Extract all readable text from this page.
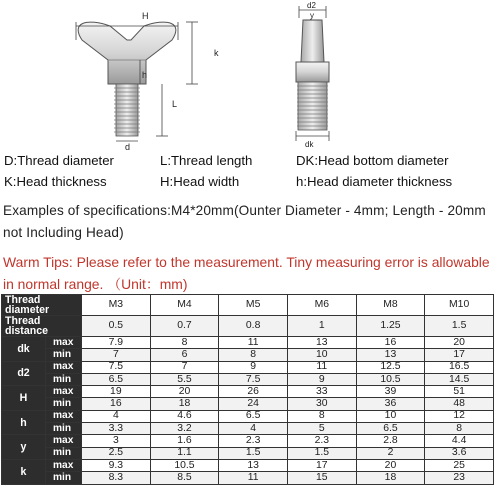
H
k
h
L
d
d2
y
dk
D:Thread diameter	L:Thread length	DK:Head bottom diameter
K:Head thickness	H:Head width	h:Head diameter thickness
Examples of specifications:M4*20mm(Ounter Diameter - 4mm; Length - 20mm not Including Head)
Warm Tips: Please refer to the measurement. Tiny measuring error is allowable in normal range. （Unit：mm)
Thread diameter		M3	M4	M5	M6	M8	M10
Thread distance		0.5	0.7	0.8	1	1.25	1.5
dk	max	7.9	8	11	13	16	20
	min	7	6	8	10	13	17
d2	max	7.5	7	9	11	12.5	16.5
	min	6.5	5.5	7.5	9	10.5	14.5
H	max	19	20	26	33	39	51
	min	16	18	24	30	36	48
h	max	4	4.6	6.5	8	10	12
	min	3.3	3.2	4	5	6.5	8
y	max	3	1.6	2.3	2.3	2.8	4.4
	min	2.5	1.1	1.5	1.5	2	3.6
k	max	9.3	10.5	13	17	20	25
	min	8.3	8.5	11	15	18	23
